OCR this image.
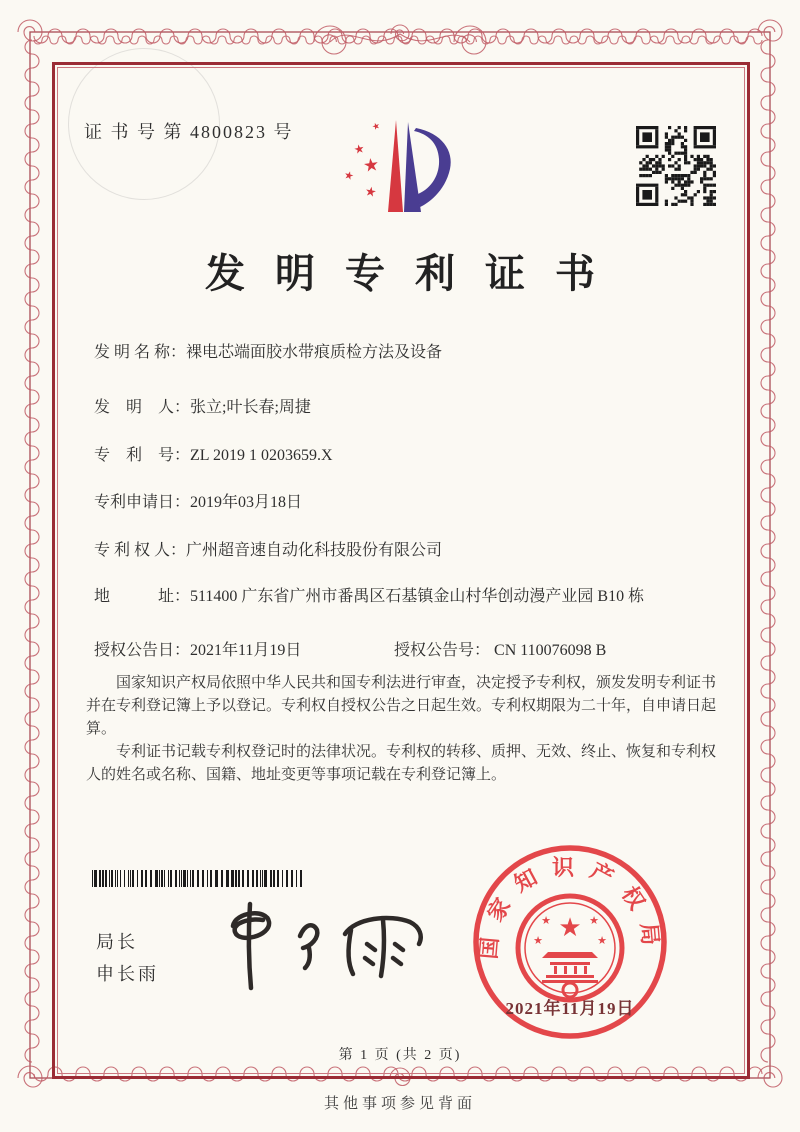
证 书 号 第 4800823 号	★
★
★
★
★
发明专利证书
发 明 名 称： 裸电芯端面胶水带痕质检方法及设备
发　明　人： 张立;叶长春;周捷
专　利　号： ZL 2019 1 0203659.X
专利申请日： 2019年03月18日
专 利 权 人： 广州超音速自动化科技股份有限公司
地　　　址： 511400 广东省广州市番禺区石基镇金山村华创动漫产业园 B10 栋
授权公告日： 2021年11月19日	授权公告号： CN 110076098 B

国家知识产权局依照中华人民共和国专利法进行审查，决定授予专利权，颁发发明专利证书并在专利登记簿上予以登记。专利权自授权公告之日起生效。专利权期限为二十年，自申请日起算。

专利证书记载专利权登记时的法律状况。专利权的转移、质押、无效、终止、恢复和专利权人的姓名或名称、国籍、地址变更等事项记载在专利登记簿上。

局长
申长雨
国家知识产权局
★
★	★
★	★
2021年11月19日
第 1 页 (共 2 页)
其他事项参见背面
